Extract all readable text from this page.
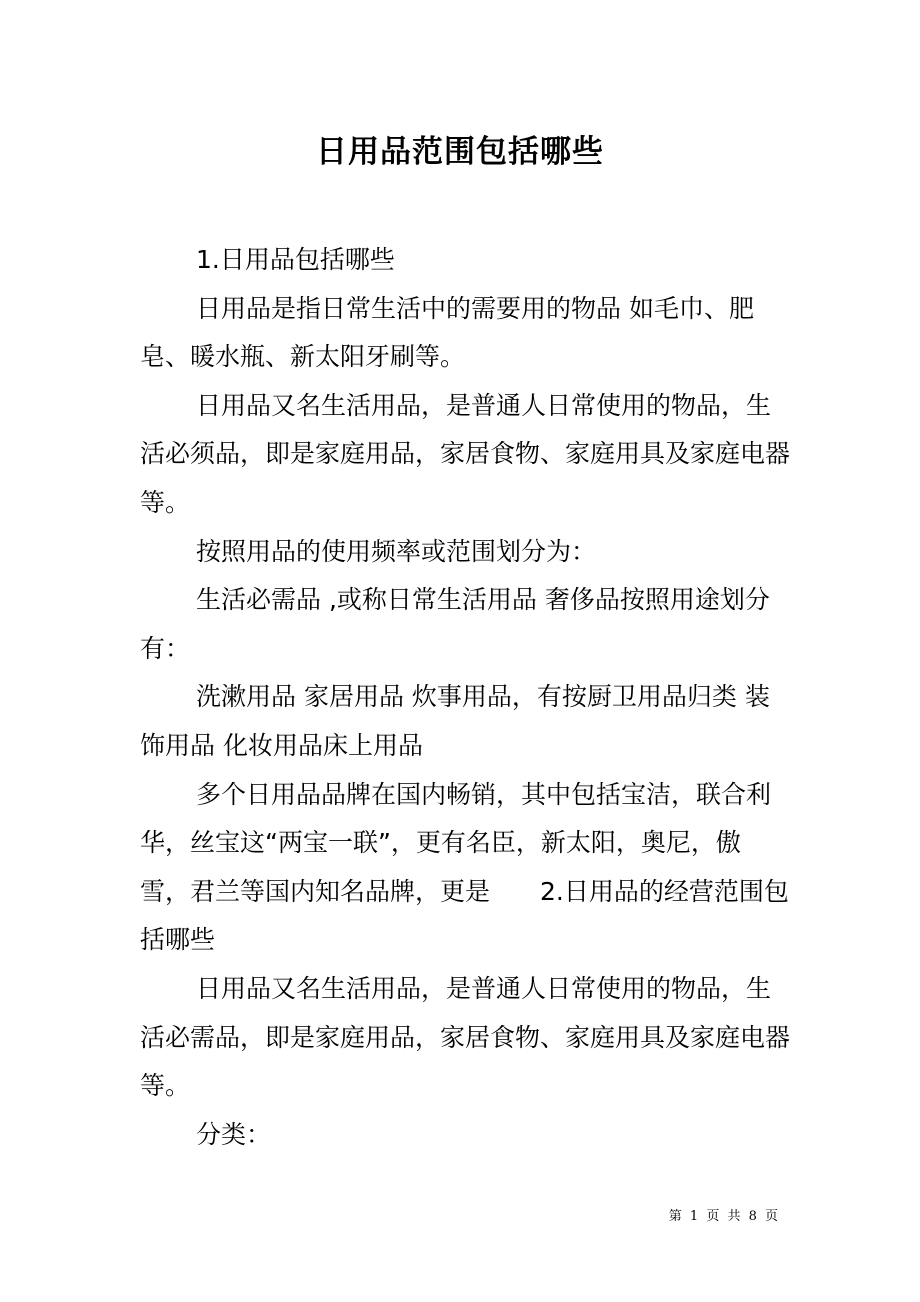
日用品范围包括哪些

1.日用品包括哪些

日用品是指日常生活中的需要用的物品 如毛巾、肥皂、暖水瓶、新太阳牙刷等。

日用品又名生活用品，是普通人日常使用的物品，生活必须品，即是家庭用品，家居食物、家庭用具及家庭电器等。

按照用品的使用频率或范围划分为：

生活必需品 ,或称日常生活用品 奢侈品按照用途划分有：

洗漱用品 家居用品 炊事用品，有按厨卫用品归类 装饰用品 化妆用品床上用品

多个日用品品牌在国内畅销，其中包括宝洁，联合利华，丝宝这“两宝一联”，更有名臣，新太阳，奥尼，傲雪，君兰等国内知名品牌，更是　　2.日用品的经营范围包括哪些

日用品又名生活用品，是普通人日常使用的物品，生活必需品，即是家庭用品，家居食物、家庭用具及家庭电器等。

分类：

第 1 页 共 8 页
